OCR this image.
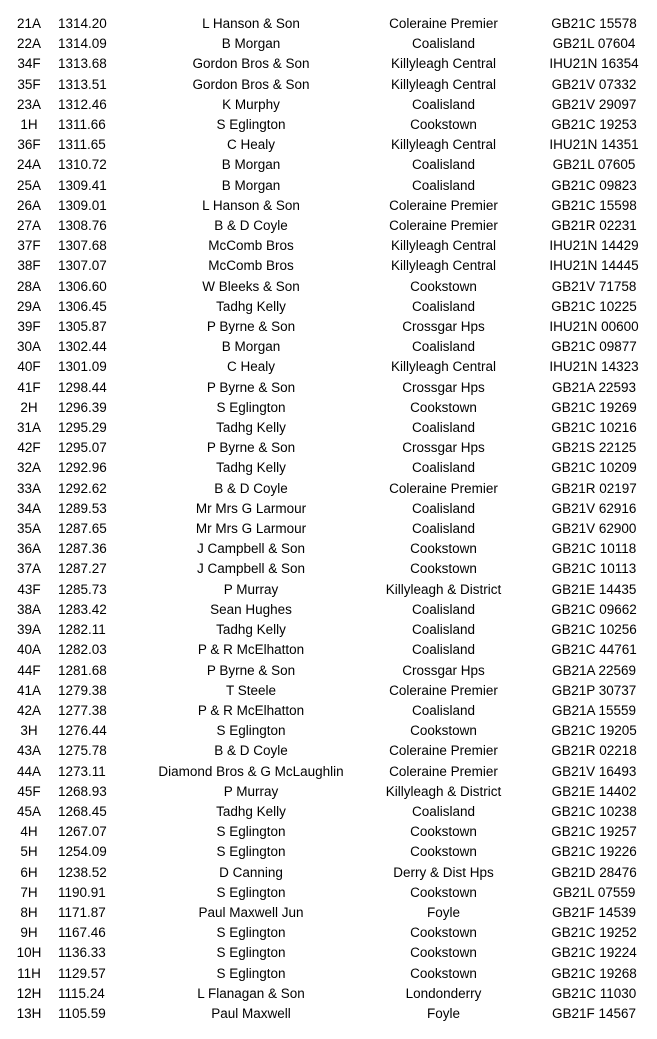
21A	1314.20	L Hanson & Son	Coleraine Premier	GB21C 15578
22A	1314.09	B Morgan	Coalisland	GB21L 07604
34F	1313.68	Gordon Bros & Son	Killyleagh Central	IHU21N 16354
35F	1313.51	Gordon Bros & Son	Killyleagh Central	GB21V 07332
23A	1312.46	K Murphy	Coalisland	GB21V 29097
1H	1311.66	S Eglington	Cookstown	GB21C 19253
36F	1311.65	C Healy	Killyleagh Central	IHU21N 14351
24A	1310.72	B Morgan	Coalisland	GB21L 07605
25A	1309.41	B Morgan	Coalisland	GB21C 09823
26A	1309.01	L Hanson & Son	Coleraine Premier	GB21C 15598
27A	1308.76	B & D Coyle	Coleraine Premier	GB21R 02231
37F	1307.68	McComb Bros	Killyleagh Central	IHU21N 14429
38F	1307.07	McComb Bros	Killyleagh Central	IHU21N 14445
28A	1306.60	W Bleeks & Son	Cookstown	GB21V 71758
29A	1306.45	Tadhg Kelly	Coalisland	GB21C 10225
39F	1305.87	P Byrne & Son	Crossgar Hps	IHU21N 00600
30A	1302.44	B Morgan	Coalisland	GB21C 09877
40F	1301.09	C Healy	Killyleagh Central	IHU21N 14323
41F	1298.44	P Byrne & Son	Crossgar Hps	GB21A 22593
2H	1296.39	S Eglington	Cookstown	GB21C 19269
31A	1295.29	Tadhg Kelly	Coalisland	GB21C 10216
42F	1295.07	P Byrne & Son	Crossgar Hps	GB21S 22125
32A	1292.96	Tadhg Kelly	Coalisland	GB21C 10209
33A	1292.62	B & D Coyle	Coleraine Premier	GB21R 02197
34A	1289.53	Mr Mrs G Larmour	Coalisland	GB21V 62916
35A	1287.65	Mr Mrs G Larmour	Coalisland	GB21V 62900
36A	1287.36	J Campbell & Son	Cookstown	GB21C 10118
37A	1287.27	J Campbell & Son	Cookstown	GB21C 10113
43F	1285.73	P Murray	Killyleagh & District	GB21E 14435
38A	1283.42	Sean Hughes	Coalisland	GB21C 09662
39A	1282.11	Tadhg Kelly	Coalisland	GB21C 10256
40A	1282.03	P & R McElhatton	Coalisland	GB21C 44761
44F	1281.68	P Byrne & Son	Crossgar Hps	GB21A 22569
41A	1279.38	T Steele	Coleraine Premier	GB21P 30737
42A	1277.38	P & R McElhatton	Coalisland	GB21A 15559
3H	1276.44	S Eglington	Cookstown	GB21C 19205
43A	1275.78	B & D Coyle	Coleraine Premier	GB21R 02218
44A	1273.11	Diamond Bros & G McLaughlin	Coleraine Premier	GB21V 16493
45F	1268.93	P Murray	Killyleagh & District	GB21E 14402
45A	1268.45	Tadhg Kelly	Coalisland	GB21C 10238
4H	1267.07	S Eglington	Cookstown	GB21C 19257
5H	1254.09	S Eglington	Cookstown	GB21C 19226
6H	1238.52	D Canning	Derry & Dist Hps	GB21D 28476
7H	1190.91	S Eglington	Cookstown	GB21L 07559
8H	1171.87	Paul Maxwell Jun	Foyle	GB21F 14539
9H	1167.46	S Eglington	Cookstown	GB21C 19252
10H	1136.33	S Eglington	Cookstown	GB21C 19224
11H	1129.57	S Eglington	Cookstown	GB21C 19268
12H	1115.24	L Flanagan & Son	Londonderry	GB21C 11030
13H	1105.59	Paul Maxwell	Foyle	GB21F 14567
